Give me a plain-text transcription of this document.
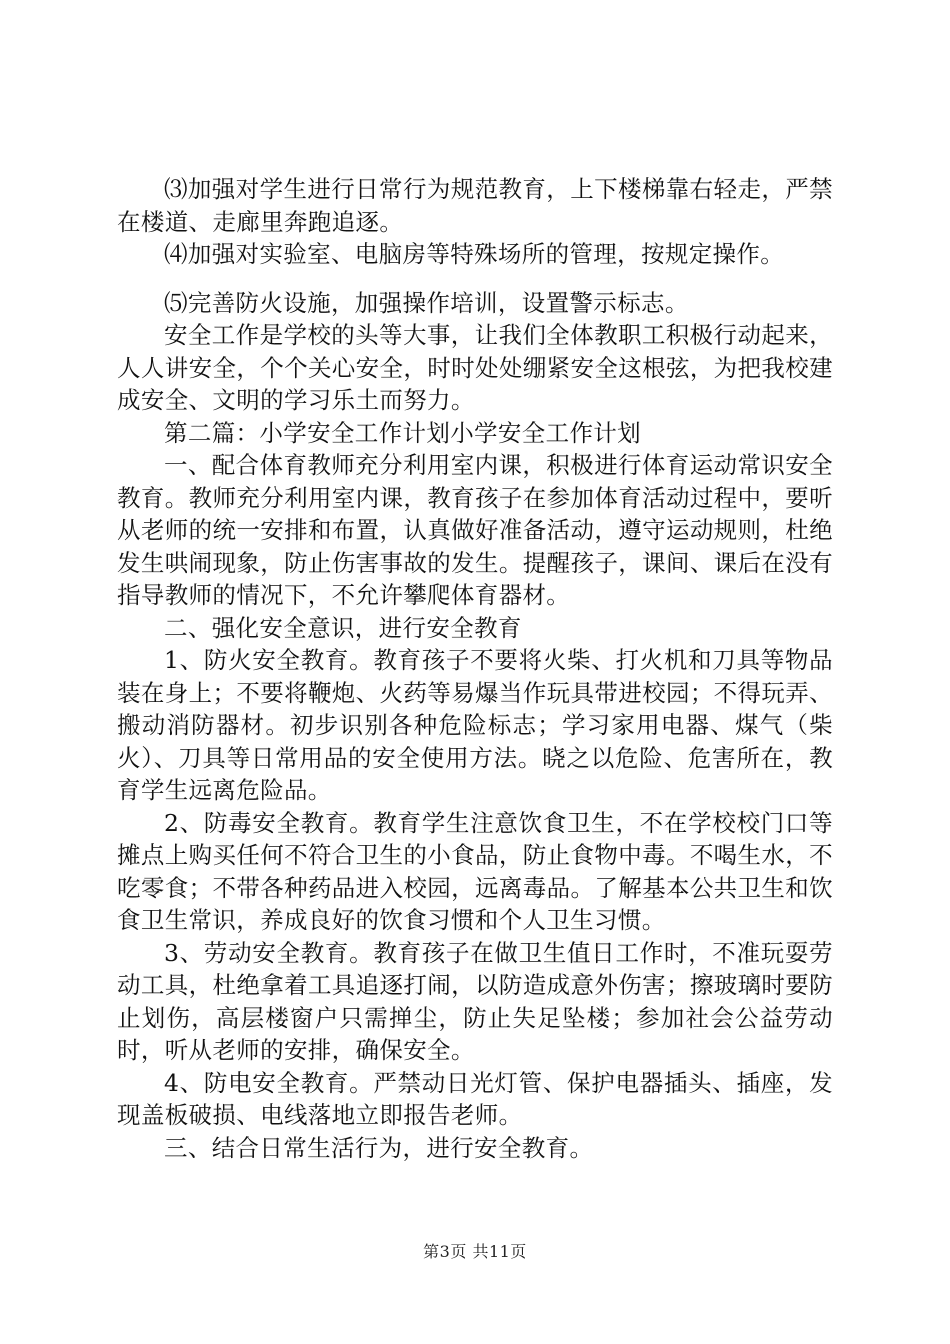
⑶加强对学生进行日常行为规范教育，上下楼梯靠右轻走，严禁在楼道、走廊里奔跑追逐。

⑷加强对实验室、电脑房等特殊场所的管理，按规定操作。

⑸完善防火设施，加强操作培训，设置警示标志。

安全工作是学校的头等大事，让我们全体教职工积极行动起来，人人讲安全，个个关心安全，时时处处绷紧安全这根弦，为把我校建成安全、文明的学习乐土而努力。

第二篇：小学安全工作计划小学安全工作计划

一、配合体育教师充分利用室内课，积极进行体育运动常识安全教育。教师充分利用室内课，教育孩子在参加体育活动过程中，要听从老师的统一安排和布置，认真做好准备活动，遵守运动规则，杜绝发生哄闹现象，防止伤害事故的发生。提醒孩子，课间、课后在没有指导教师的情况下，不允许攀爬体育器材。

二、强化安全意识，进行安全教育

1、防火安全教育。教育孩子不要将火柴、打火机和刀具等物品装在身上；不要将鞭炮、火药等易爆当作玩具带进校园；不得玩弄、搬动消防器材。初步识别各种危险标志；学习家用电器、煤气（柴火）、刀具等日常用品的安全使用方法。晓之以危险、危害所在，教育学生远离危险品。

2、防毒安全教育。教育学生注意饮食卫生，不在学校校门口等摊点上购买任何不符合卫生的小食品，防止食物中毒。不喝生水，不吃零食；不带各种药品进入校园，远离毒品。了解基本公共卫生和饮食卫生常识，养成良好的饮食习惯和个人卫生习惯。

3、劳动安全教育。教育孩子在做卫生值日工作时，不准玩耍劳动工具，杜绝拿着工具追逐打闹，以防造成意外伤害；擦玻璃时要防止划伤，高层楼窗户只需掸尘，防止失足坠楼；参加社会公益劳动时，听从老师的安排，确保安全。

4、防电安全教育。严禁动日光灯管、保护电器插头、插座，发现盖板破损、电线落地立即报告老师。

三、结合日常生活行为，进行安全教育。

第3页 共11页
